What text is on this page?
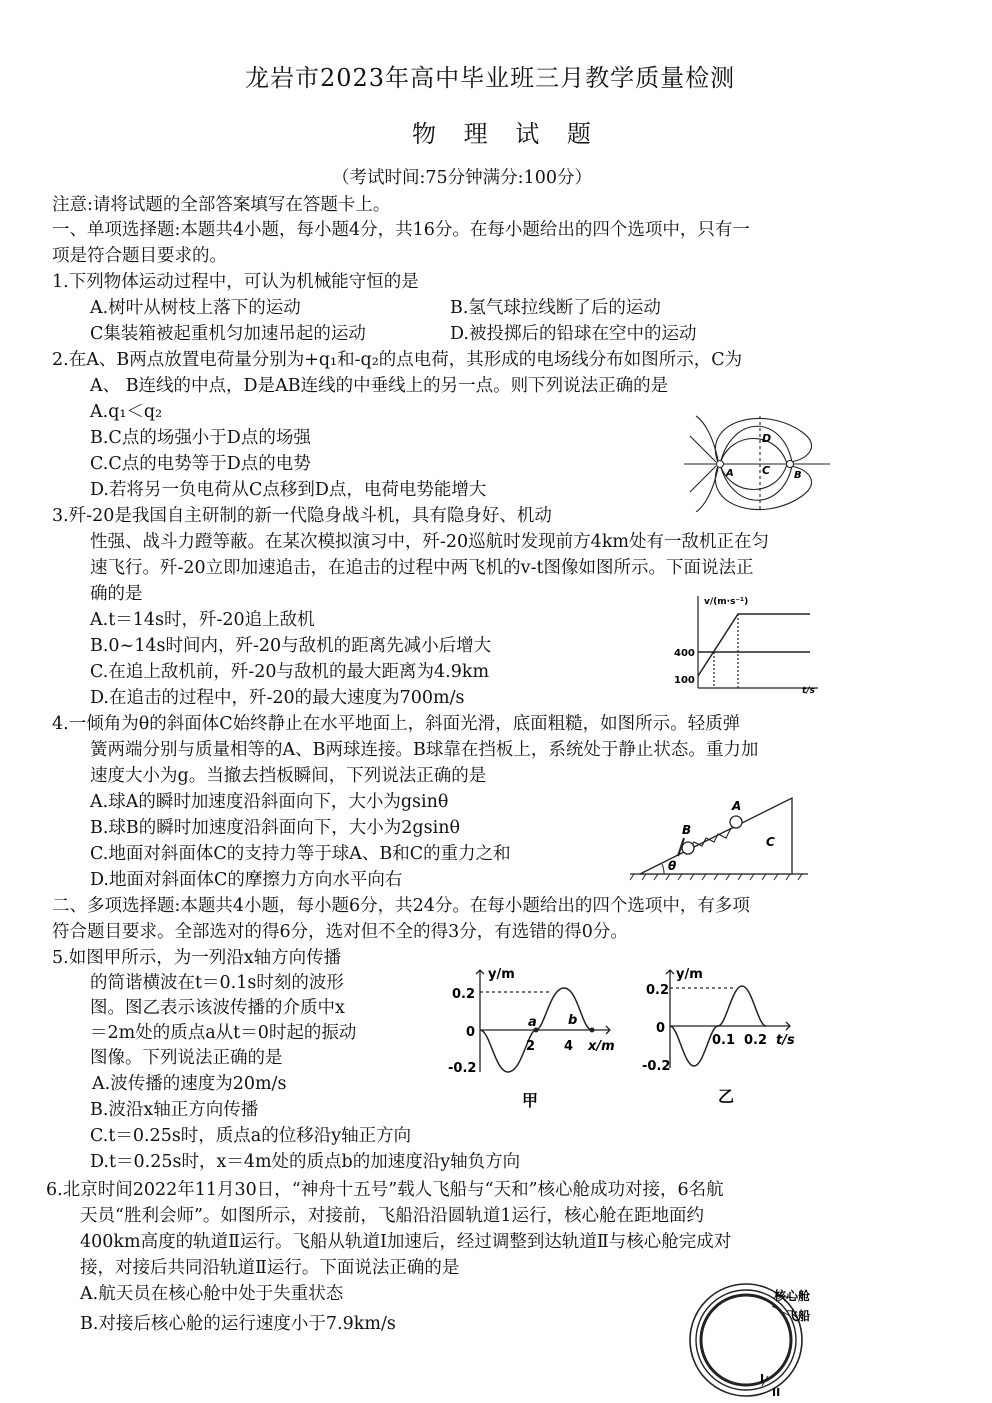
龙岩市2023年高中毕业班三月教学质量检测
物 理 试 题
（考试时间:75分钟满分:100分）
注意:请将试题的全部答案填写在答题卡上。
一、单项选择题:本题共4小题，每小题4分，共16分。在每小题给出的四个选项中，只有一
项是符合题目要求的。
1.下列物体运动过程中，可认为机械能守恒的是
A.树叶从树枝上落下的运动	B.氢气球拉线断了后的运动
C集装箱被起重机匀加速吊起的运动	D.被投掷后的铅球在空中的运动
2.在A、B两点放置电荷量分别为+q₁和-q₂的点电荷，其形成的电场线分布如图所示，C为
A、 B连线的中点，D是AB连线的中垂线上的另一点。则下列说法正确的是
A.q₁＜q₂
B.C点的场强小于D点的场强
C.C点的电势等于D点的电势
D.若将另一负电荷从C点移到D点，电荷电势能增大
D
C
A	B
3.歼-20是我国自主研制的新一代隐身战斗机，具有隐身好、机动
性强、战斗力蹬等蔽。在某次模拟演习中，歼-20巡航时发现前方4km处有一敌机正在匀
速飞行。歼-20立即加速追击，在追击的过程中两飞机的v-t图像如图所示。下面说法正
确的是
A.t＝14s时，歼-20追上敌机
B.0~14s时间内，歼-20与敌机的距离先减小后增大
C.在追上敌机前，歼-20与敌机的最大距离为4.9km
D.在追击的过程中，歼-20的最大速度为700m/s
v/(m·s⁻¹)
t/s
400
100
4.一倾角为θ的斜面体C始终静止在水平地面上，斜面光滑，底面粗糙，如图所示。轻质弹
簧两端分别与质量相等的A、B两球连接。B球靠在挡板上，系统处于静止状态。重力加
速度大小为g。当撤去挡板瞬间，下列说法正确的是
A.球A的瞬时加速度沿斜面向下，大小为gsinθ
B.球B的瞬时加速度沿斜面向下，大小为2gsinθ
C.地面对斜面体C的支持力等于球A、B和C的重力之和
D.地面对斜面体C的摩擦力方向水平向右
A
B
C
θ
二、多项选择题:本题共4小题，每小题6分，共24分。在每小题给出的四个选项中，有多项
符合题目要求。全部选对的得6分，选对但不全的得3分，有选错的得0分。
5.如图甲所示，为一列沿x轴方向传播
的简谐横波在t＝0.1s时刻的波形
图。图乙表示该波传播的介质中x
＝2m处的质点a从t＝0时起的振动
图像。下列说法正确的是
A.波传播的速度为20m/s
B.波沿x轴正方向传播
C.t＝0.25s时，质点a的位移沿y轴正方向
D.t＝0.25s时，x＝4m处的质点b的加速度沿y轴负方向
y/m
0.2
0
-0.2
2 4 x/m
a b
甲
y/m
0.2
0
-0.2
0.1 0.2 t/s
乙
6.北京时间2022年11月30日，“神舟十五号”载人飞船与“天和”核心舱成功对接，6名航
天员“胜利会师”。如图所示，对接前，飞船沿沿圆轨道1运行，核心舱在距地面约
400km高度的轨道Ⅱ运行。飞船从轨道Ⅰ加速后，经过调整到达轨道Ⅱ与核心舱完成对
接，对接后共同沿轨道Ⅱ运行。下面说法正确的是
A.航天员在核心舱中处于失重状态
B.对接后核心舱的运行速度小于7.9km/s
核心舱
飞船
I
II
